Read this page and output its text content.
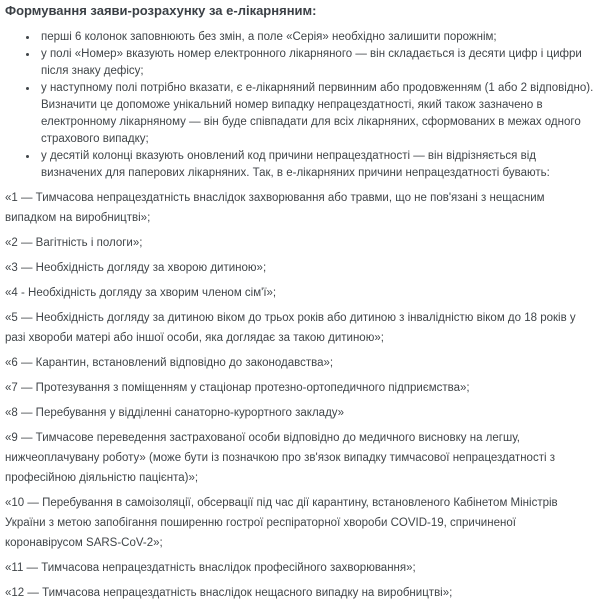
Формування заяви-розрахунку за е-лікарняним:
• перші 6 колонок заповнюють без змін, а поле «Серія» необхідно залишити порожнім;
• у полі «Номер» вказують номер електронного лікарняного — він складається із десяти цифр і цифри після знаку дефісу;
• у наступному полі потрібно вказати, є е-лікарняний первинним або продовженням (1 або 2 відповідно). Визначити це допоможе унікальний номер випадку непрацездатності, який також зазначено в електронному лікарняному — він буде співпадати для всіх лікарняних, сформованих в межах одного страхового випадку;
• у десятій колонці вказують оновлений код причини непрацездатності — він відрізняється від визначених для паперових лікарняних. Так, в е-лікарняних причини непрацездатності бувають:

«1 — Тимчасова непрацездатність внаслідок захворювання або травми, що не пов'язані з нещасним випадком на виробництві»;

«2 — Вагітність і пологи»;

«3 — Необхідність догляду за хворою дитиною»;

«4 - Необхідність догляду за хворим членом сім'ї»;

«5 — Необхідність догляду за дитиною віком до трьох років або дитиною з інвалідністю віком до 18 років у разі хвороби матері або іншої особи, яка доглядає за такою дитиною»;

«6 — Карантин, встановлений відповідно до законодавства»;

«7 — Протезування з поміщенням у стаціонар протезно-ортопедичного підприємства»;

«8 — Перебування у відділенні санаторно-курортного закладу»

«9 — Тимчасове переведення застрахованої особи відповідно до медичного висновку на легшу, нижчеоплачувану роботу» (може бути із позначкою про зв'язок випадку тимчасової непрацездатності з професійною діяльністю пацієнта)»;

«10 — Перебування в самоізоляції, обсервації під час дії карантину, встановленого Кабінетом Міністрів України з метою запобігання поширенню гострої респіраторної хвороби COVID-19, спричиненої коронавірусом SARS-CoV-2»;

«11 — Тимчасова непрацездатність внаслідок професійного захворювання»;

«12 — Тимчасова непрацездатність внаслідок нещасного випадку на виробництві»;
